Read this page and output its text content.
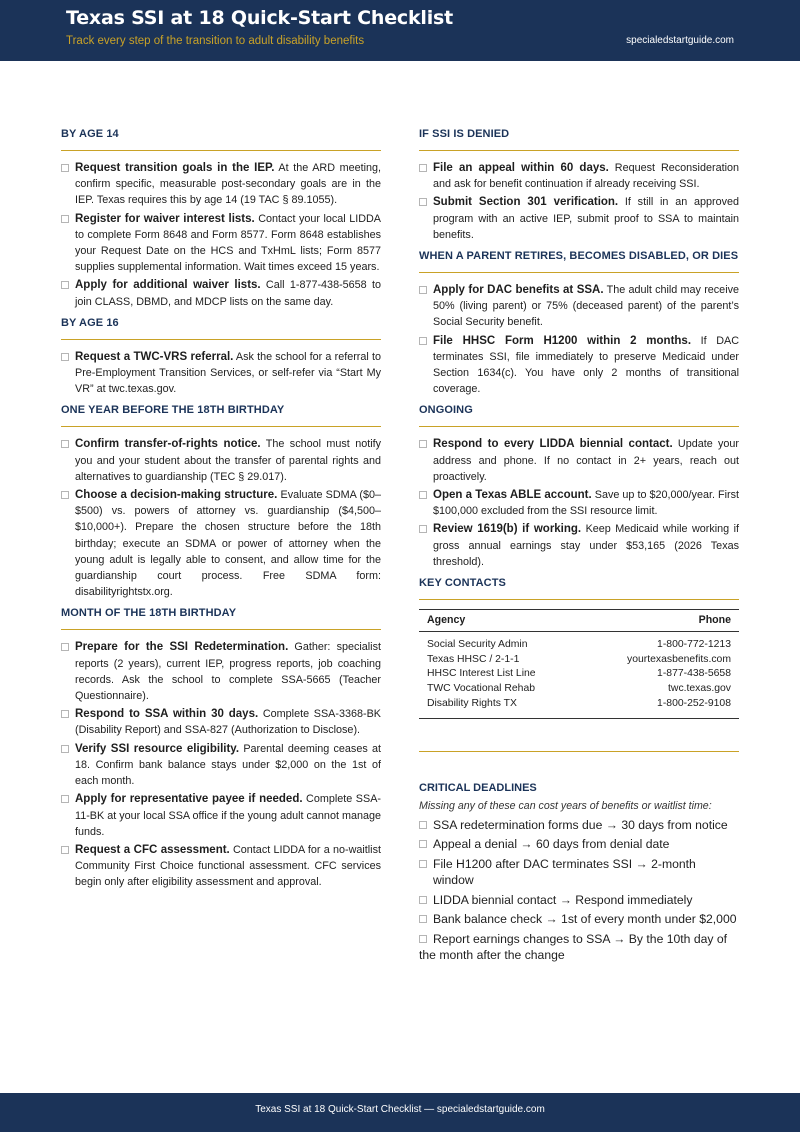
Texas SSI at 18 Quick-Start Checklist
Track every step of the transition to adult disability benefits	specialedstartguide.com
BY AGE 14
Request transition goals in the IEP. At the ARD meeting, confirm specific, measurable post-secondary goals are in the IEP. Texas requires this by age 14 (19 TAC § 89.1055).
Register for waiver interest lists. Contact your local LIDDA to complete Form 8648 and Form 8577. Form 8648 establishes your Request Date on the HCS and TxHmL lists; Form 8577 supplies supplemental information. Wait times exceed 15 years.
Apply for additional waiver lists. Call 1-877-438-5658 to join CLASS, DBMD, and MDCP lists on the same day.
BY AGE 16
Request a TWC-VRS referral. Ask the school for a referral to Pre-Employment Transition Services, or self-refer via “Start My VR” at twc.texas.gov.
ONE YEAR BEFORE THE 18TH BIRTHDAY
Confirm transfer-of-rights notice. The school must notify you and your student about the transfer of parental rights and alternatives to guardianship (TEC § 29.017).
Choose a decision-making structure. Evaluate SDMA ($0–$500) vs. powers of attorney vs. guardianship ($4,500–$10,000+). Prepare the chosen structure before the 18th birthday; execute an SDMA or power of attorney when the young adult is legally able to consent, and allow time for the guardianship court process. Free SDMA form: disabilityrightstx.org.
MONTH OF THE 18TH BIRTHDAY
Prepare for the SSI Redetermination. Gather: specialist reports (2 years), current IEP, progress reports, job coaching records. Ask the school to complete SSA-5665 (Teacher Questionnaire).
Respond to SSA within 30 days. Complete SSA-3368-BK (Disability Report) and SSA-827 (Authorization to Disclose).
Verify SSI resource eligibility. Parental deeming ceases at 18. Confirm bank balance stays under $2,000 on the 1st of each month.
Apply for representative payee if needed. Complete SSA-11-BK at your local SSA office if the young adult cannot manage funds.
Request a CFC assessment. Contact LIDDA for a no-waitlist Community First Choice functional assessment. CFC services begin only after eligibility assessment and approval.
IF SSI IS DENIED
File an appeal within 60 days. Request Reconsideration and ask for benefit continuation if already receiving SSI.
Submit Section 301 verification. If still in an approved program with an active IEP, submit proof to SSA to maintain benefits.
WHEN A PARENT RETIRES, BECOMES DISABLED, OR DIES
Apply for DAC benefits at SSA. The adult child may receive 50% (living parent) or 75% (deceased parent) of the parent’s Social Security benefit.
File HHSC Form H1200 within 2 months. If DAC terminates SSI, file immediately to preserve Medicaid under Section 1634(c). You have only 2 months of transitional coverage.
ONGOING
Respond to every LIDDA biennial contact. Update your address and phone. If no contact in 2+ years, reach out proactively.
Open a Texas ABLE account. Save up to $20,000/year. First $100,000 excluded from the SSI resource limit.
Review 1619(b) if working. Keep Medicaid while working if gross annual earnings stay under $53,165 (2026 Texas threshold).
KEY CONTACTS
Agency	Phone
Social Security Admin	1-800-772-1213
Texas HHSC / 2-1-1	yourtexasbenefits.com
HHSC Interest List Line	1-877-438-5658
TWC Vocational Rehab	twc.texas.gov
Disability Rights TX	1-800-252-9108
CRITICAL DEADLINES
Missing any of these can cost years of benefits or waitlist time:
SSA redetermination forms due → 30 days from notice
Appeal a denial → 60 days from denial date
File H1200 after DAC terminates SSI → 2-month window
LIDDA biennial contact → Respond immediately
Bank balance check → 1st of every month under $2,000
Report earnings changes to SSA → By the 10th day of the month after the change
Texas SSI at 18 Quick-Start Checklist — specialedstartguide.com
